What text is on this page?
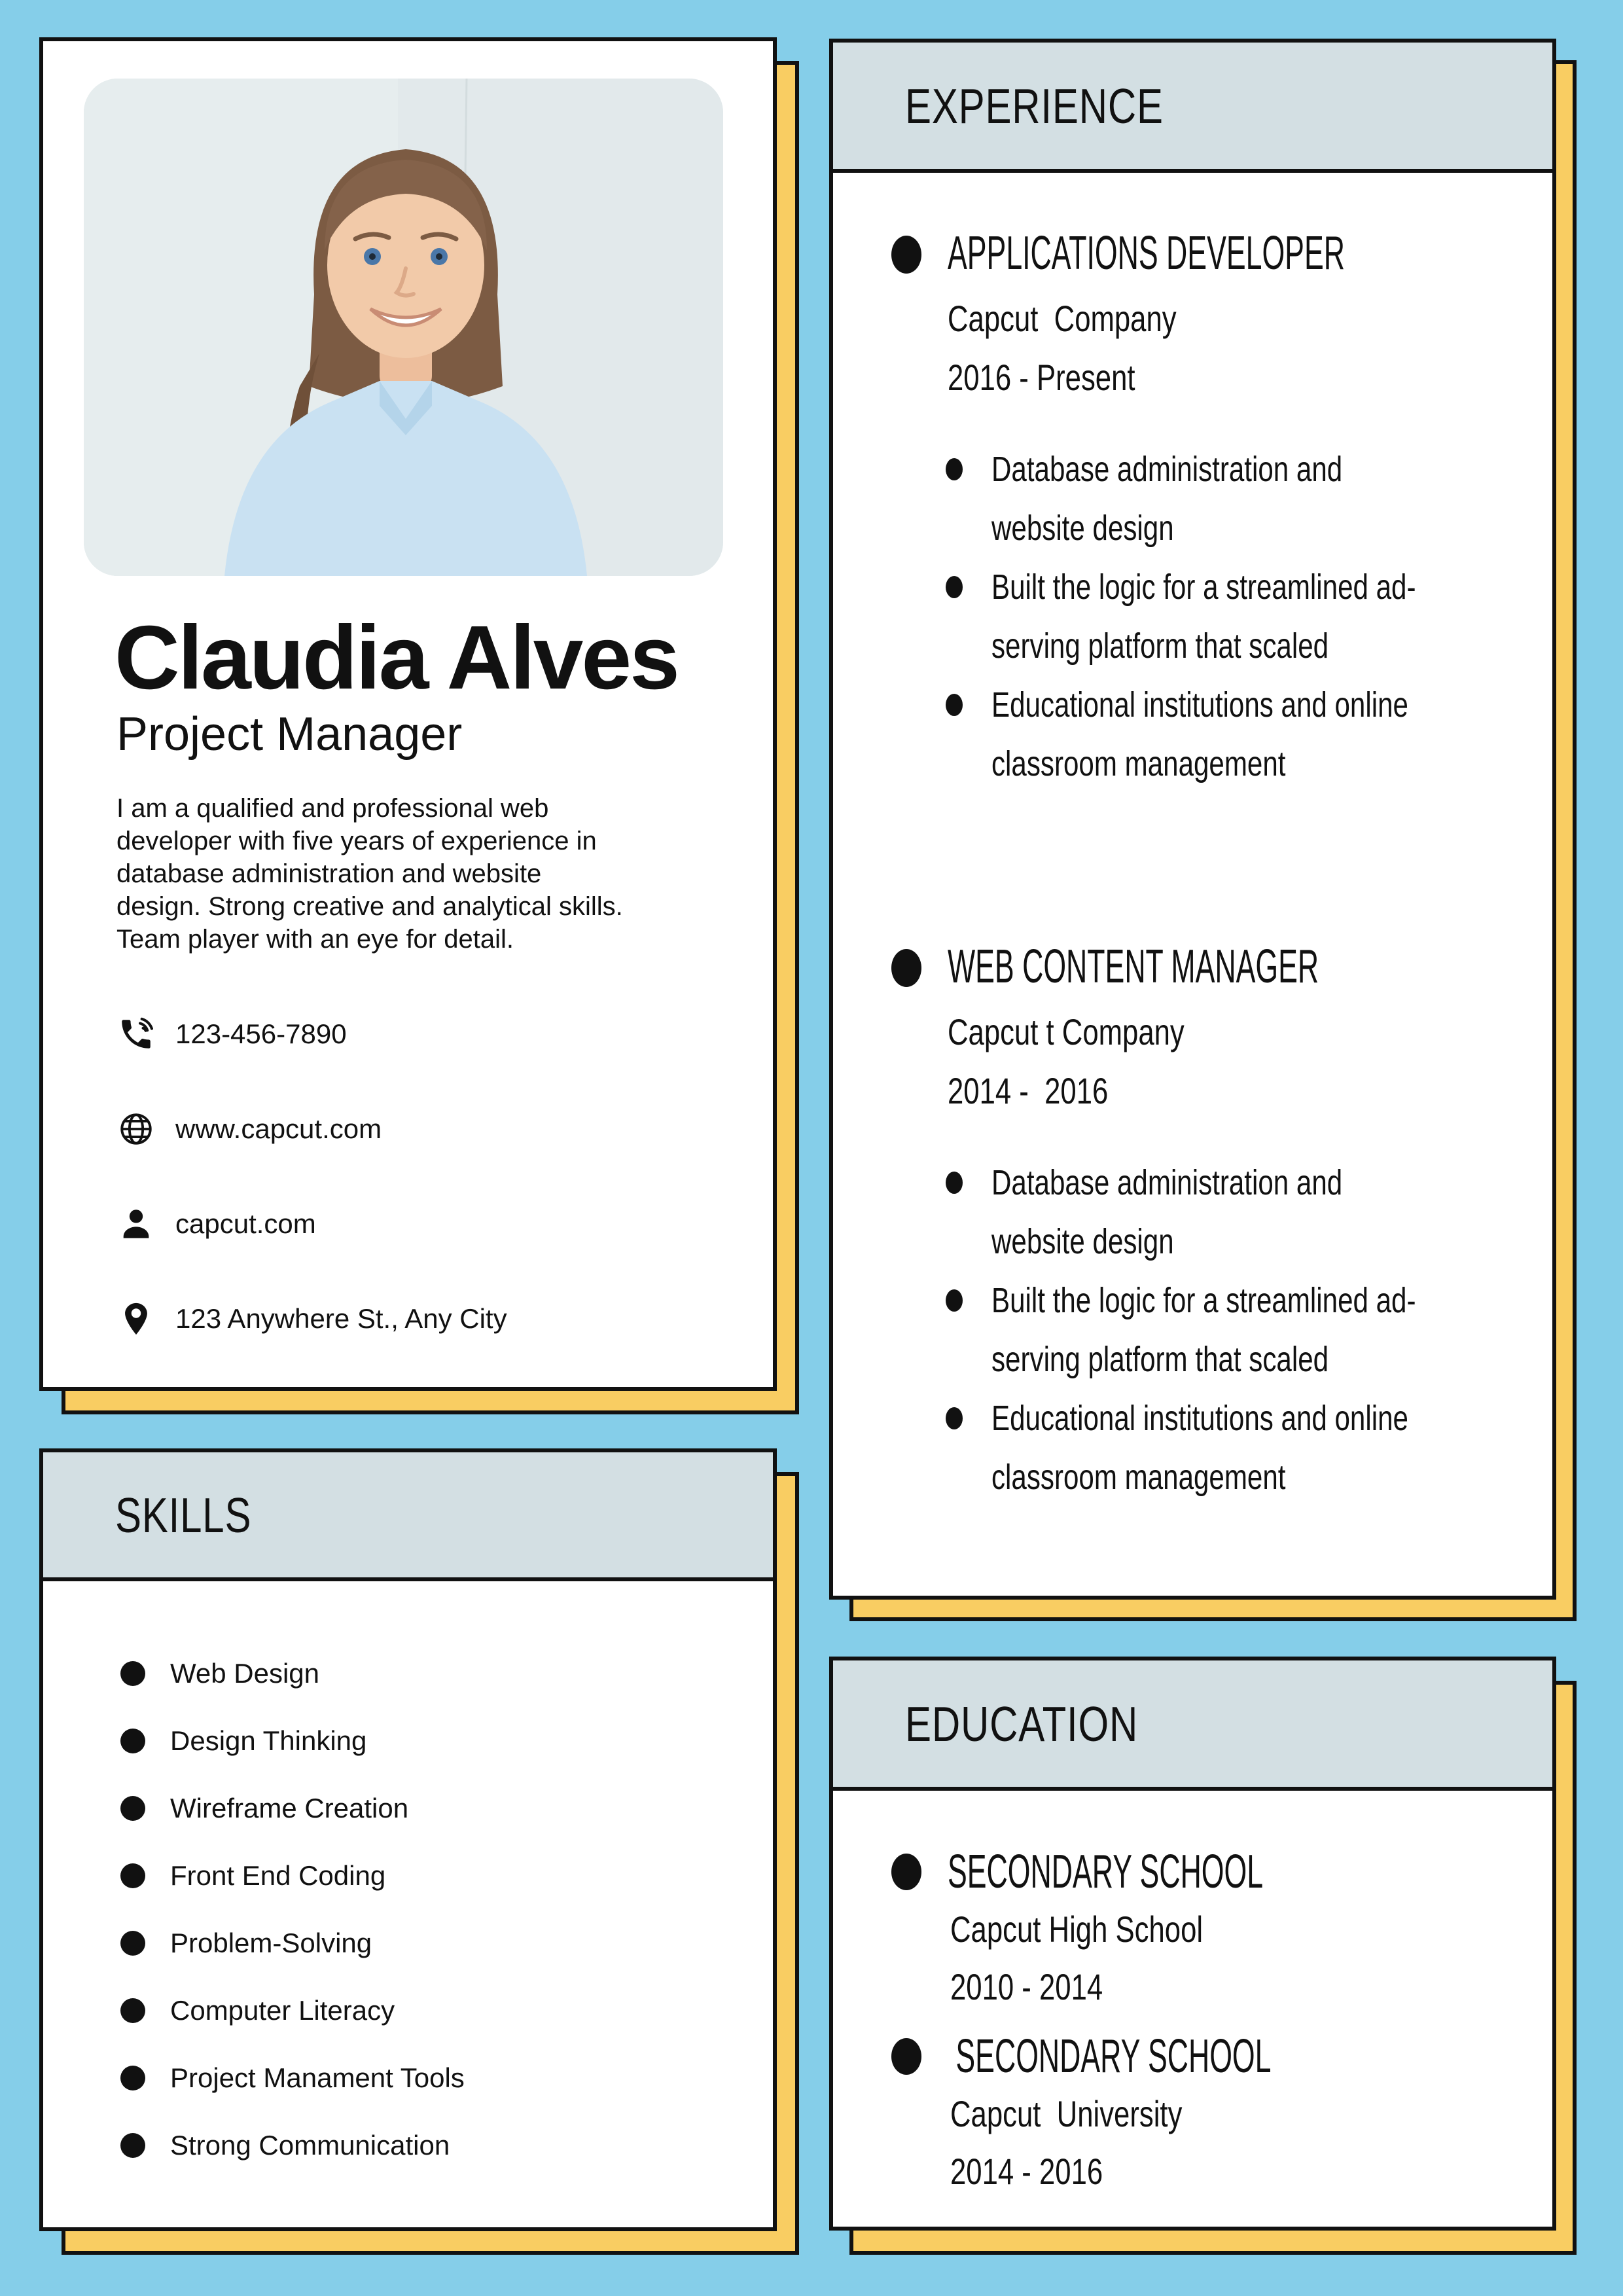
Claudia Alves
Project Manager
I am a qualified and professional web
developer with five years of experience in
database administration and website
design. Strong creative and analytical skills.
Team player with an eye for detail.
123-456-7890
www.capcut.com
capcut.com
123 Anywhere St., Any City
SKILLS
Web Design
Design Thinking
Wireframe Creation
Front End Coding
Problem-Solving
Computer Literacy
Project Manament Tools
Strong Communication
EXPERIENCE
APPLICATIONS DEVELOPER
Capcut  Company
2016 - Present
Database administration and
website design
Built the logic for a streamlined ad-
serving platform that scaled
Educational institutions and online
classroom management
WEB CONTENT MANAGER
Capcut t Company
2014 -  2016
Database administration and
website design
Built the logic for a streamlined ad-
serving platform that scaled
Educational institutions and online
classroom management
EDUCATION
SECONDARY SCHOOL
Capcut High School
2010 - 2014
SECONDARY SCHOOL
Capcut  University
2014 - 2016
